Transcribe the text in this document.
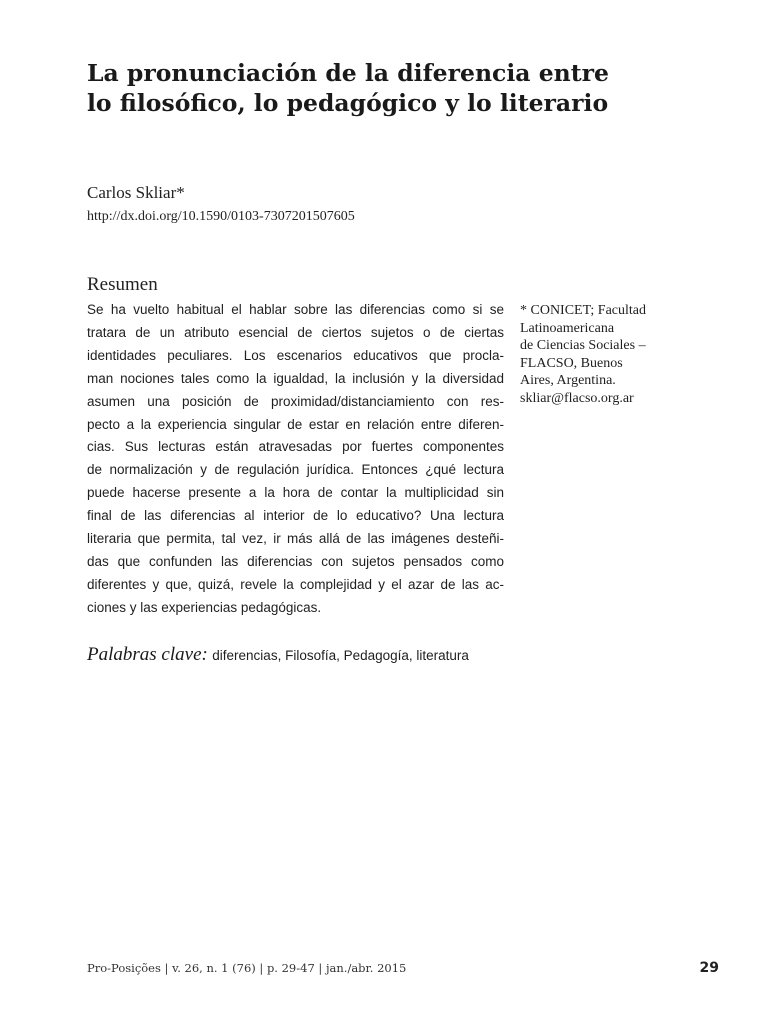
La pronunciación de la diferencia entre
lo filosófico, lo pedagógico y lo literario
Carlos Skliar*
http://dx.doi.org/10.1590/0103-7307201507605
Resumen
Se ha vuelto habitual el hablar sobre las diferencias como si se
tratara de un atributo esencial de ciertos sujetos o de ciertas
identidades peculiares. Los escenarios educativos que procla-
man nociones tales como la igualdad, la inclusión y la diversidad
asumen una posición de proximidad/distanciamiento con res-
pecto a la experiencia singular de estar en relación entre diferen-
cias. Sus lecturas están atravesadas por fuertes componentes
de normalización y de regulación jurídica. Entonces ¿qué lectura
puede hacerse presente a la hora de contar la multiplicidad sin
final de las diferencias al interior de lo educativo? Una lectura
literaria que permita, tal vez, ir más allá de las imágenes desteñi-
das que confunden las diferencias con sujetos pensados como
diferentes y que, quizá, revele la complejidad y el azar de las ac-
ciones y las experiencias pedagógicas.
Palabras clave: diferencias, Filosofía, Pedagogía, literatura
* CONICET; Facultad
Latinoamericana
de Ciencias Sociales –
FLACSO, Buenos
Aires, Argentina.
skliar@flacso.org.ar
Pro-Posições | v. 26, n. 1 (76) | p. 29-47 | jan./abr. 2015	29
